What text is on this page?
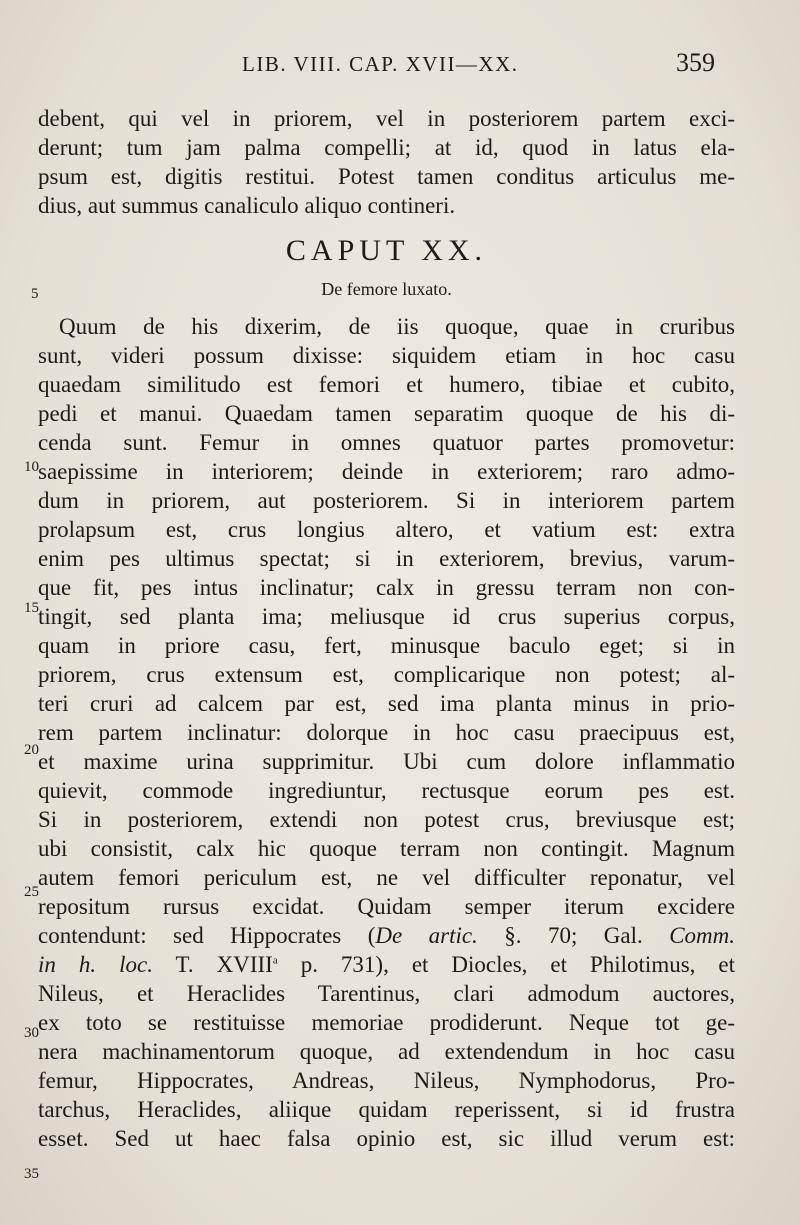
LIB. VIII. CAP. XVII—XX.	359
5
10
15
20
25
30
35
debent, qui vel in priorem, vel in posteriorem partem exci-
derunt; tum jam palma compelli; at id, quod in latus ela-
psum est, digitis restitui. Potest tamen conditus articulus me-
dius, aut summus canaliculo aliquo contineri.
CAPUT XX.
De femore luxato.
Quum de his dixerim, de iis quoque, quae in cruribus
sunt, videri possum dixisse: siquidem etiam in hoc casu
quaedam similitudo est femori et humero, tibiae et cubito,
pedi et manui. Quaedam tamen separatim quoque de his di-
cenda sunt. Femur in omnes quatuor partes promovetur:
saepissime in interiorem; deinde in exteriorem; raro admo-
dum in priorem, aut posteriorem. Si in interiorem partem
prolapsum est, crus longius altero, et vatium est: extra
enim pes ultimus spectat; si in exteriorem, brevius, varum-
que fit, pes intus inclinatur; calx in gressu terram non con-
tingit, sed planta ima; meliusque id crus superius corpus,
quam in priore casu, fert, minusque baculo eget; si in
priorem, crus extensum est, complicarique non potest; al-
teri cruri ad calcem par est, sed ima planta minus in prio-
rem partem inclinatur: dolorque in hoc casu praecipuus est,
et maxime urina supprimitur. Ubi cum dolore inflammatio
quievit, commode ingrediuntur, rectusque eorum pes est.
Si in posteriorem, extendi non potest crus, breviusque est;
ubi consistit, calx hic quoque terram non contingit. Magnum
autem femori periculum est, ne vel difficulter reponatur, vel
repositum rursus excidat. Quidam semper iterum excidere
contendunt: sed Hippocrates (De artic. §. 70; Gal. Comm.
in h. loc. T. XVIII$^a$ p. 731), et Diocles, et Philotimus, et
Nileus, et Heraclides Tarentinus, clari admodum auctores,
ex toto se restituisse memoriae prodiderunt. Neque tot ge-
nera machinamentorum quoque, ad extendendum in hoc casu
femur, Hippocrates, Andreas, Nileus, Nymphodorus, Pro-
tarchus, Heraclides, aliique quidam reperissent, si id frustra
esset. Sed ut haec falsa opinio est, sic illud verum est:
